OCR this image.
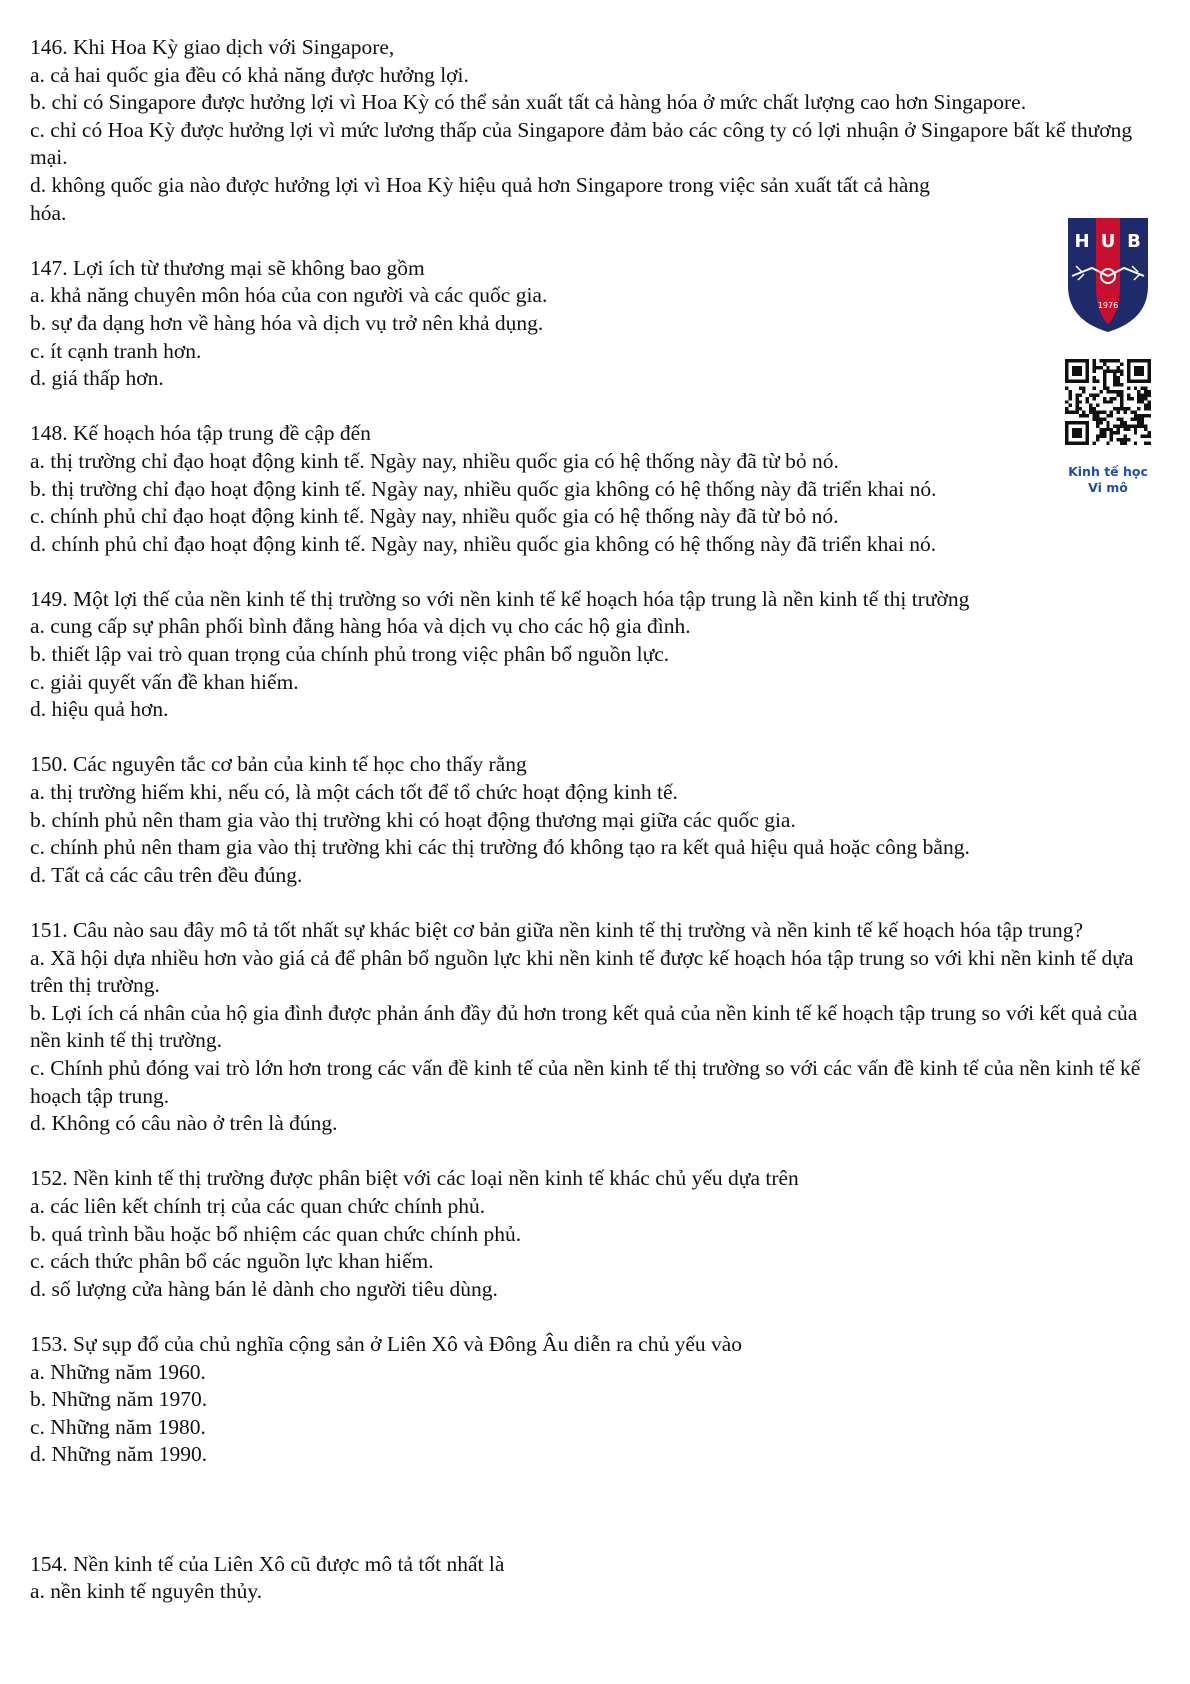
146. Khi Hoa Kỳ giao dịch với Singapore,

a. cả hai quốc gia đều có khả năng được hưởng lợi.

b. chỉ có Singapore được hưởng lợi vì Hoa Kỳ có thể sản xuất tất cả hàng hóa ở mức chất lượng cao hơn Singapore.

c. chỉ có Hoa Kỳ được hưởng lợi vì mức lương thấp của Singapore đảm bảo các công ty có lợi nhuận ở Singapore bất kể thương mại.

d. không quốc gia nào được hưởng lợi vì Hoa Kỳ hiệu quả hơn Singapore trong việc sản xuất tất cả hàng hóa.

147. Lợi ích từ thương mại sẽ không bao gồm

a. khả năng chuyên môn hóa của con người và các quốc gia.

b. sự đa dạng hơn về hàng hóa và dịch vụ trở nên khả dụng.

c. ít cạnh tranh hơn.

d. giá thấp hơn.

148. Kế hoạch hóa tập trung đề cập đến

a. thị trường chỉ đạo hoạt động kinh tế. Ngày nay, nhiều quốc gia có hệ thống này đã từ bỏ nó.

b. thị trường chỉ đạo hoạt động kinh tế. Ngày nay, nhiều quốc gia không có hệ thống này đã triển khai nó.

c. chính phủ chỉ đạo hoạt động kinh tế. Ngày nay, nhiều quốc gia có hệ thống này đã từ bỏ nó.

d. chính phủ chỉ đạo hoạt động kinh tế. Ngày nay, nhiều quốc gia không có hệ thống này đã triển khai nó.

149. Một lợi thế của nền kinh tế thị trường so với nền kinh tế kế hoạch hóa tập trung là nền kinh tế thị trường

a. cung cấp sự phân phối bình đẳng hàng hóa và dịch vụ cho các hộ gia đình.

b. thiết lập vai trò quan trọng của chính phủ trong việc phân bổ nguồn lực.

c. giải quyết vấn đề khan hiếm.

d. hiệu quả hơn.

150. Các nguyên tắc cơ bản của kinh tế học cho thấy rằng

a. thị trường hiếm khi, nếu có, là một cách tốt để tổ chức hoạt động kinh tế.

b. chính phủ nên tham gia vào thị trường khi có hoạt động thương mại giữa các quốc gia.

c. chính phủ nên tham gia vào thị trường khi các thị trường đó không tạo ra kết quả hiệu quả hoặc công bằng.

d. Tất cả các câu trên đều đúng.

151. Câu nào sau đây mô tả tốt nhất sự khác biệt cơ bản giữa nền kinh tế thị trường và nền kinh tế kế hoạch hóa tập trung?

a. Xã hội dựa nhiều hơn vào giá cả để phân bổ nguồn lực khi nền kinh tế được kế hoạch hóa tập trung so với khi nền kinh tế dựa trên thị trường.

b. Lợi ích cá nhân của hộ gia đình được phản ánh đầy đủ hơn trong kết quả của nền kinh tế kế hoạch tập trung so với kết quả của nền kinh tế thị trường.

c. Chính phủ đóng vai trò lớn hơn trong các vấn đề kinh tế của nền kinh tế thị trường so với các vấn đề kinh tế của nền kinh tế kế hoạch tập trung.

d. Không có câu nào ở trên là đúng.

152. Nền kinh tế thị trường được phân biệt với các loại nền kinh tế khác chủ yếu dựa trên

a. các liên kết chính trị của các quan chức chính phủ.

b. quá trình bầu hoặc bổ nhiệm các quan chức chính phủ.

c. cách thức phân bổ các nguồn lực khan hiếm.

d. số lượng cửa hàng bán lẻ dành cho người tiêu dùng.

153. Sự sụp đổ của chủ nghĩa cộng sản ở Liên Xô và Đông Âu diễn ra chủ yếu vào

a. Những năm 1960.

b. Những năm 1970.

c. Những năm 1980.

d. Những năm 1990.

154. Nền kinh tế của Liên Xô cũ được mô tả tốt nhất là

a. nền kinh tế nguyên thủy.

H U B
1976
Kinh tế học
Vi mô
